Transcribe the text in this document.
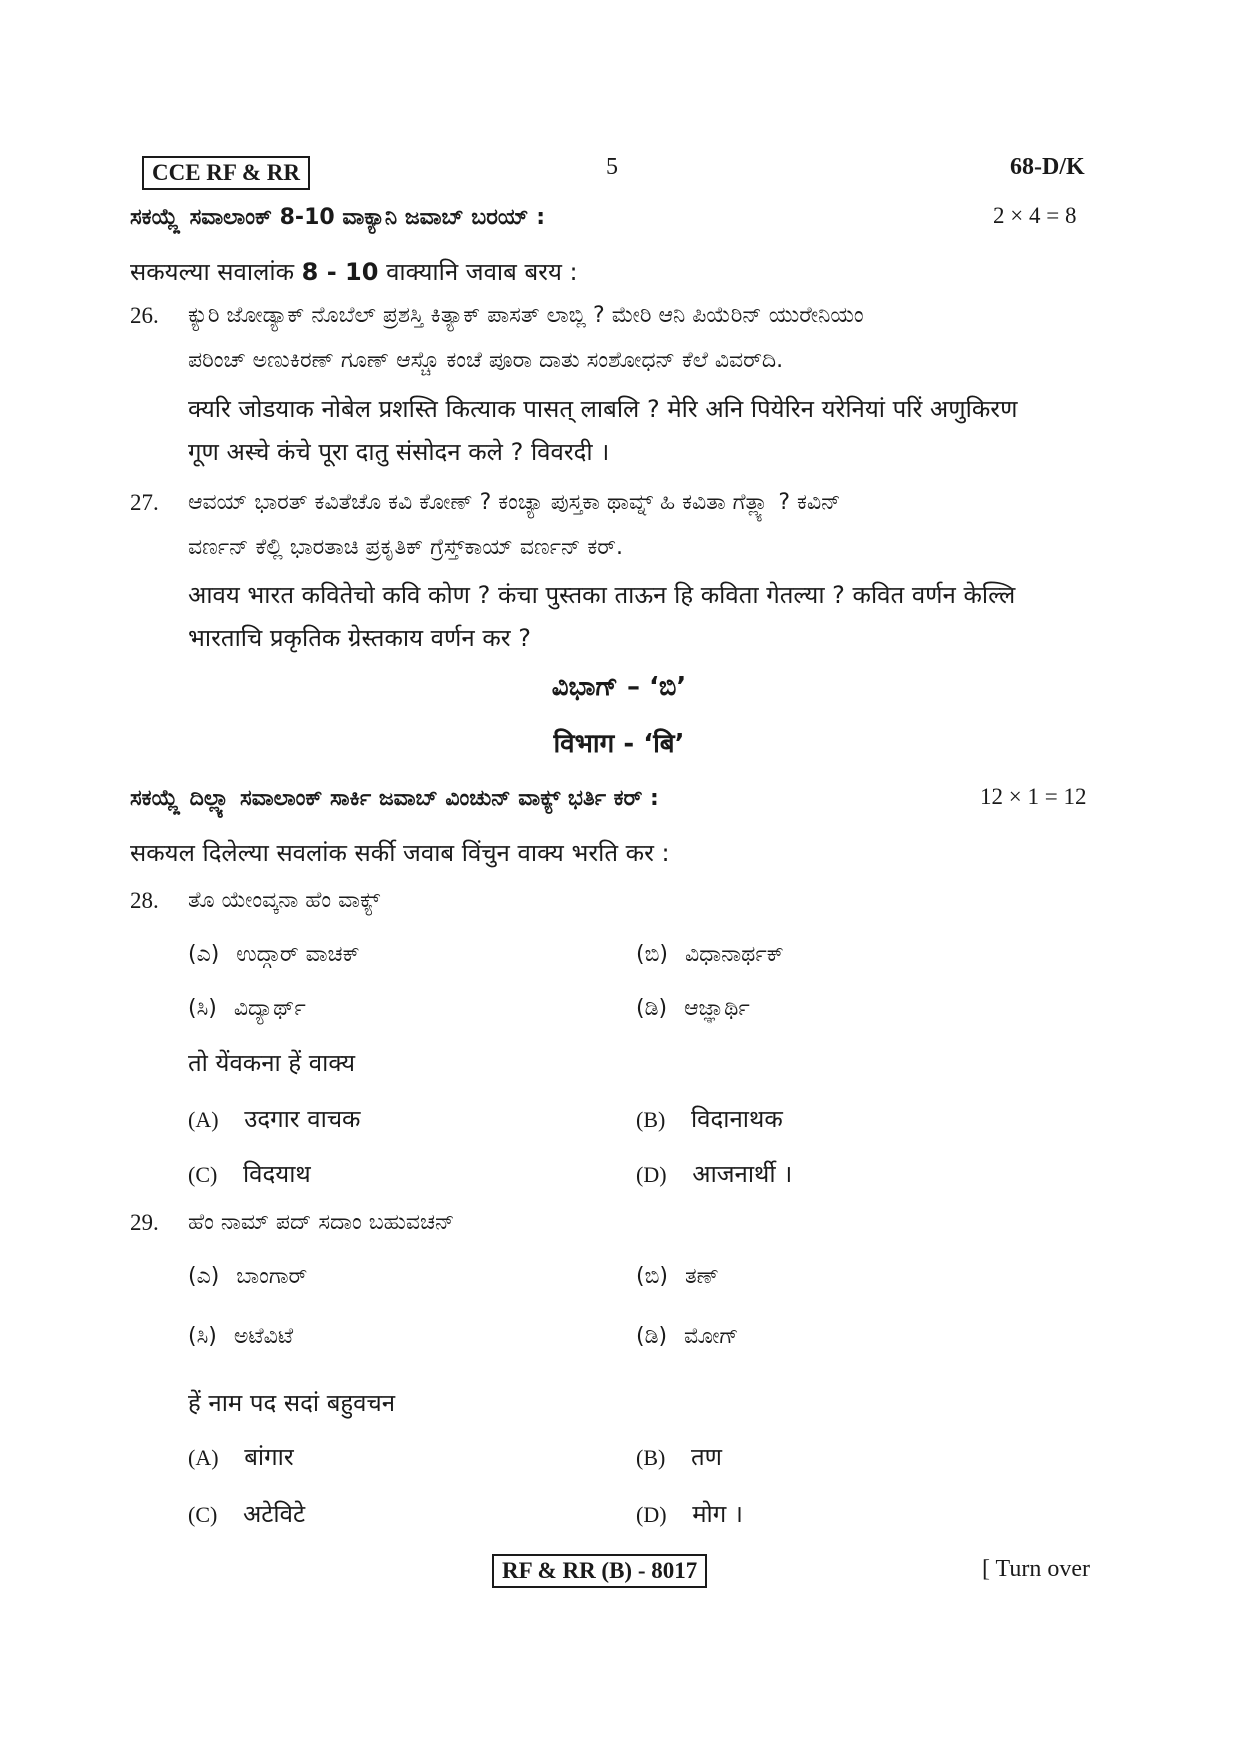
CCE RF & RR	5	68-D/K
ಸಕಯ್ಲ್ಲೆ ಸವಾಲಾಂಕ್ 8-10 ವಾಕ್ಯಾನಿ ಜವಾಬ್ ಬರಯ್ :	2 × 4 = 8
सकयल्या सवालांक 8 - 10 वाक्यानि जवाब बरय :
26. ಕ್ಯುರಿ ಜೋಡ್ಯಾಕ್ ನೊಬೆಲ್ ಪ್ರಶಸ್ತಿ ಕಿತ್ಯಾಕ್ ಪಾಸತ್ ಲಾಬ್ಲಿ ? ಮೇರಿ ಆನಿ ಪಿಯೆರಿನ್ ಯುರೇನಿಯಂ
ಪರಿಂಚ್ ಅಣುಕಿರಣ್ ಗೂಣ್ ಆಸ್ಚೊ ಕಂಚೆ ಪೂರಾ ದಾತು ಸಂಶೋಧನ್ ಕೆಲೆ ವಿವರ್‌ದಿ.
क्यरि जोडयाक नोबेल प्रशस्ति कित्याक पासत् लाबलि ? मेरि अनि पियेरिन यरेनियां परिं अणुकिरण
गूण अस्चे कंचे पूरा दातु संसोदन कले ? विवरदी ।
27. ಆವಯ್ ಭಾರತ್ ಕವಿತೆಚೊ ಕವಿ ಕೋಣ್ ? ಕಂಚ್ಯಾ ಪುಸ್ತಕಾ ಥಾವ್ನ್ ಹಿ ಕವಿತಾ ಗೆತ್ಲ್ಯಾ ? ಕವಿನ್
ವರ್ಣನ್ ಕೆಲ್ಲಿ ಭಾರತಾಚಿ ಪ್ರಕೃತಿಕ್ ಗ್ರೆಸ್ತ್‌ಕಾಯ್ ವರ್ಣನ್ ಕರ್.
आवय भारत कवितेचो कवि कोण ? कंचा पुस्तका ताऊन हि कविता गेतल्या ? कवित वर्णन केल्लि
भारताचि प्रकृतिक ग्रेस्तकाय वर्णन कर ?
ವಿಭಾಗ್ – ‘ಬಿ’
विभाग - ‘बि’
ಸಕಯ್ಲ್ಲೆ ದಿಲ್ಲ್ಯಾ ಸವಾಲಾಂಕ್ ಸಾರ್ಕಿ ಜವಾಬ್ ವಿಂಚುನ್ ವಾಕ್ಯ್ ಭರ್ತಿ ಕರ್ :	12 × 1 = 12
सकयल दिलेल्या सवलांक सर्की जवाब विंचुन वाक्य भरति कर :
28. ತೊ ಯೇಂವ್ಕನಾ ಹೆಂ ವಾಕ್ಯ್
(ಎ) ಉದ್ಗಾರ್ ವಾಚಕ್	(ಬಿ) ವಿಧಾನಾರ್ಥಕ್
(ಸಿ) ವಿದ್ಯಾರ್ಥ್	(ಡಿ) ಆಜ್ಞಾರ್ಥಿ
तो येंवकना हें वाक्य
(A) उदगार वाचक	(B) विदानाथक
(C) विदयाथ	(D) आजनार्थी ।
29. ಹೆಂ ನಾಮ್ ಪದ್ ಸದಾಂ ಬಹುವಚನ್
(ಎ) ಬಾಂಗಾರ್	(ಬಿ) ತಣ್
(ಸಿ) ಅಟೆವಿಟೆ	(ಡಿ) ಮೋಗ್
हें नाम पद सदां बहुवचन
(A) बांगार	(B) तण
(C) अटेविटे	(D) मोग ।
RF & RR (B) - 8017	[ Turn over
